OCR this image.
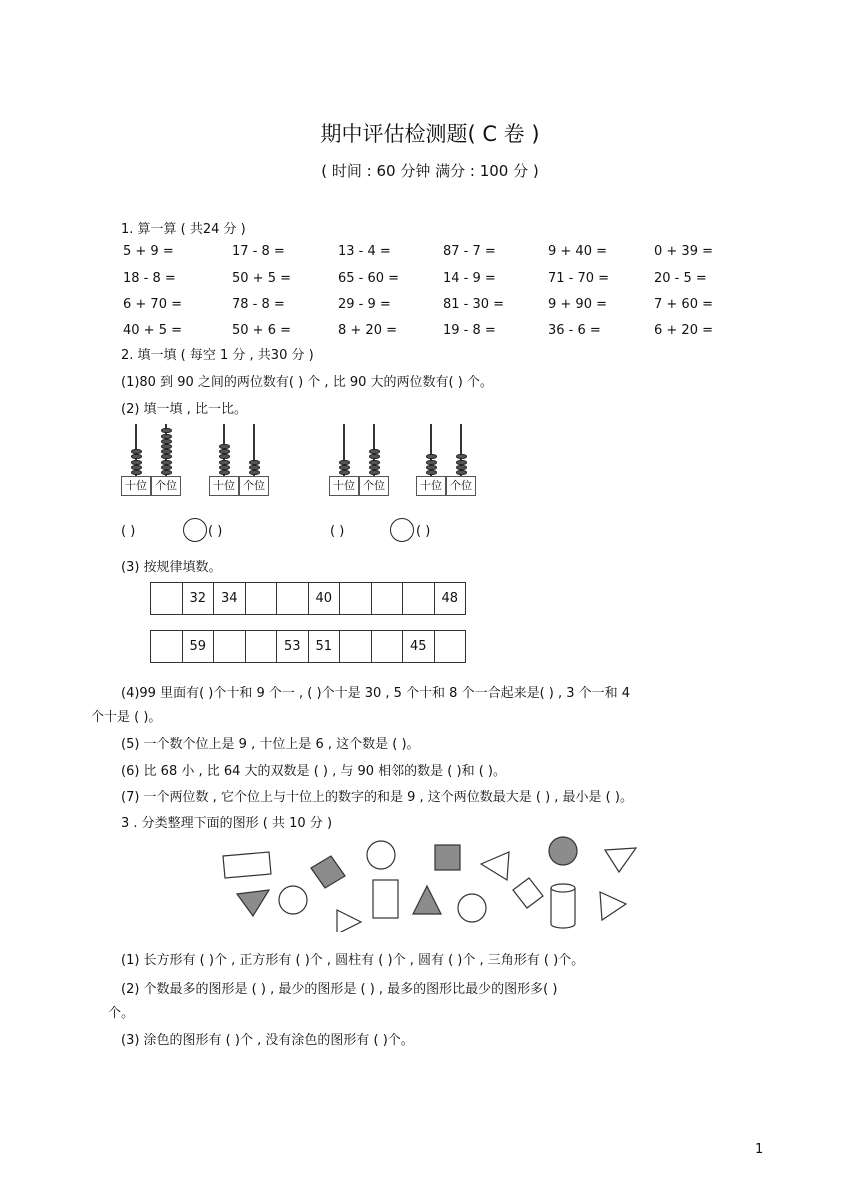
期中评估检测题( C 卷 )
( 时间 : 60 分钟 满分 : 100 分 )
1. 算一算 ( 共24 分 )
5 + 9 =	17 - 8 =	13 - 4 =	87 - 7 =	9 + 40 =	0 + 39 =
18 - 8 =	50 + 5 =	65 - 60 =	14 - 9 =	71 - 70 =	20 - 5 =
6 + 70 =	78 - 8 =	29 - 9 =	81 - 30 =	9 + 90 =	7 + 60 =
40 + 5 =	50 + 6 =	8 + 20 =	19 - 8 =	36 - 6 =	6 + 20 =
2. 填一填 ( 每空 1 分 , 共30 分 )
(1)80 到 90 之间的两位数有( ) 个 , 比 90 大的两位数有( ) 个。
(2) 填一填 , 比一比。
十位 个位	十位 个位	十位 个位	十位 个位
( )	( )	( )	( )
(3) 按规律填数。
	32	34			40				48
	59			53	51			45	
(4)99 里面有( )个十和 9 个一 , ( )个十是 30 , 5 个十和 8 个一合起来是( ) , 3 个一和 4
个十是 ( )。
(5) 一个数个位上是 9 , 十位上是 6 , 这个数是 ( )。
(6) 比 68 小 , 比 64 大的双数是 ( ) , 与 90 相邻的数是 ( )和 ( )。
(7) 一个两位数 , 它个位上与十位上的数字的和是 9 , 这个两位数最大是 ( ) , 最小是 ( )。
3 . 分类整理下面的图形 ( 共 10 分 )
(1) 长方形有 ( )个 , 正方形有 ( )个 , 圆柱有 ( )个 , 圆有 ( )个 , 三角形有 ( )个。
(2) 个数最多的图形是 ( ) , 最少的图形是 ( ) , 最多的图形比最少的图形多( )
个。
(3) 涂色的图形有 ( )个 , 没有涂色的图形有 ( )个。
1
